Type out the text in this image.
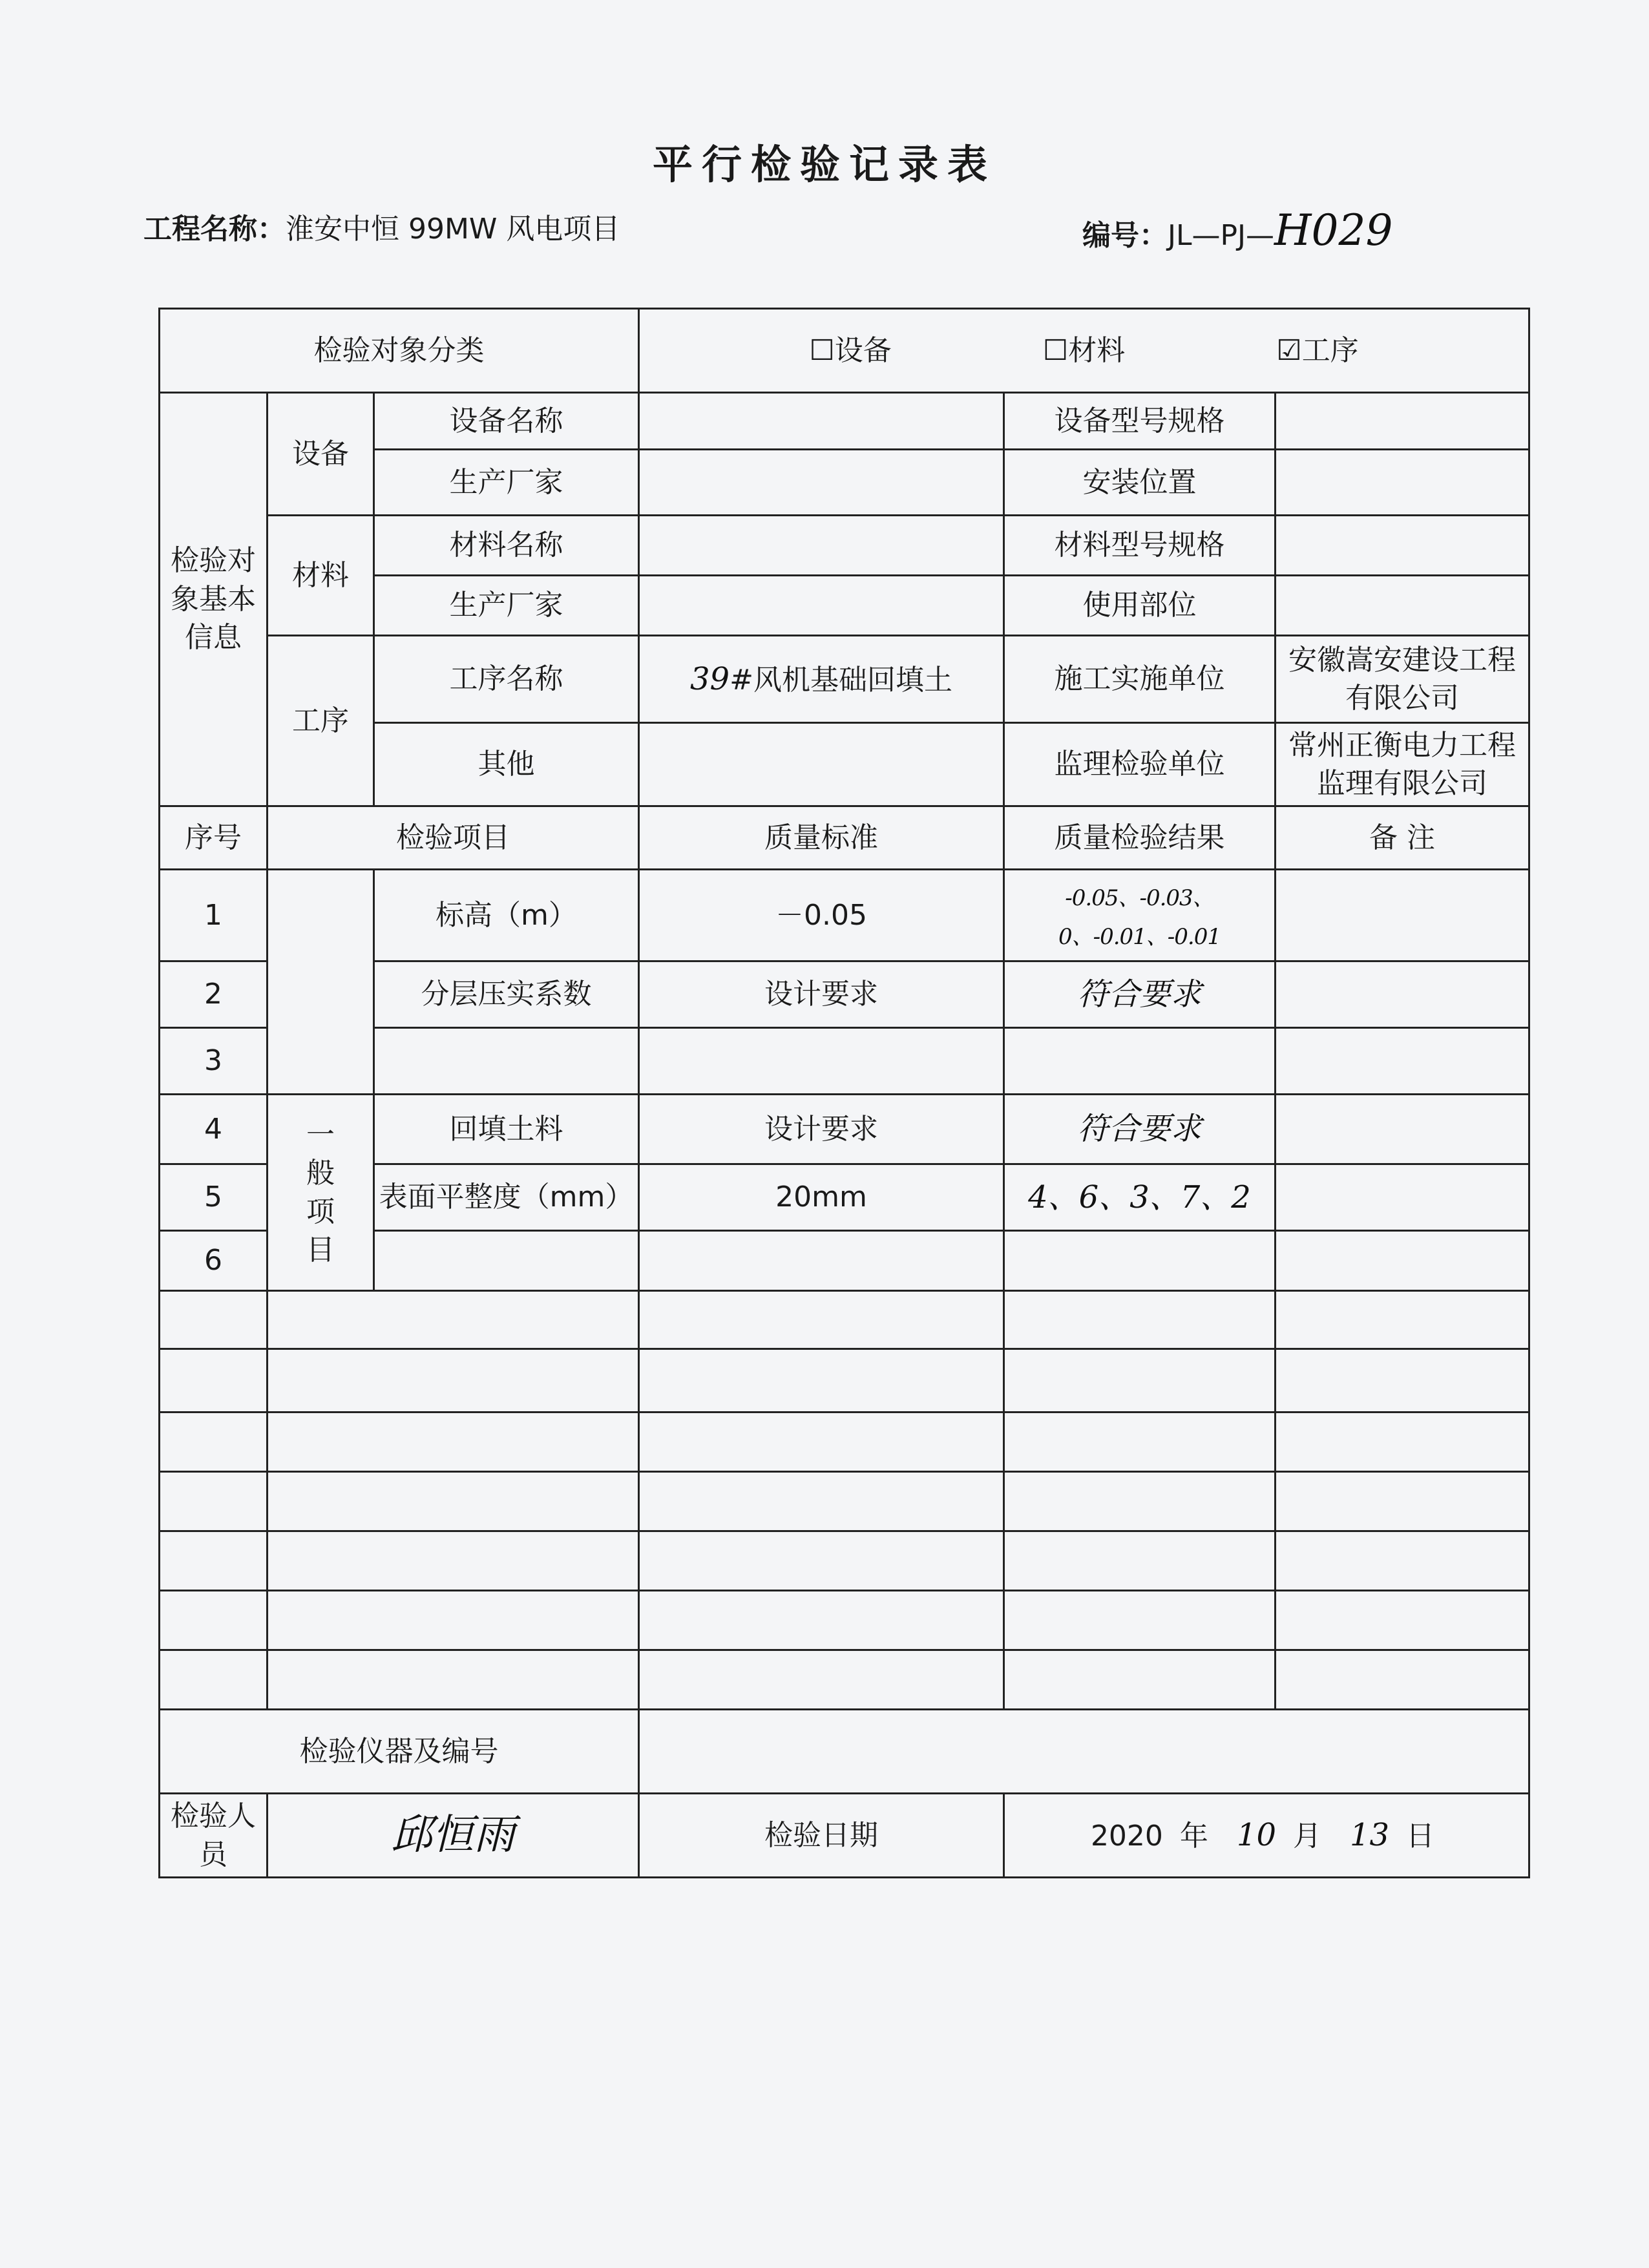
平行检验记录表
工程名称：淮安中恒 99MW 风电项目	编号：JL—PJ—H029
检验对象分类			☐设备 ☐材料 ☑工序		
检验对象基本信息	设备	设备名称		设备型号规格	
		生产厂家		安装位置	
	材料	材料名称		材料型号规格	
		生产厂家		使用部位	
	工序	工序名称	39#风机基础回填土	施工实施单位	安徽嵩安建设工程有限公司
		其他		监理检验单位	常州正衡电力工程监理有限公司

序号	检验项目		质量标准	质量检验结果	备 注
1		标高（m）	－0.05	-0.05、-0.03、0、-0.01、-0.01	
2		分层压实系数	设计要求	符合要求	
3					
4	一般项目	回填土料	设计要求	符合要求	
5		表面平整度（mm）	20mm	4、6、3、7、2	
6					

检验仪器及编号					
检验人员	邱恒雨		检验日期	2020 年 10 月 13 日	
